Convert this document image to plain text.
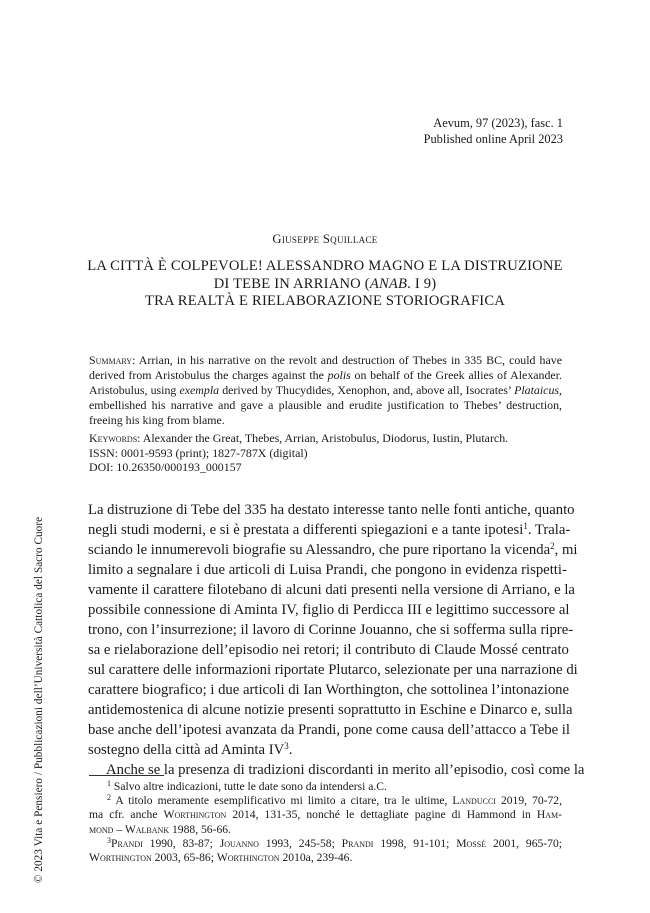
Aevum, 97 (2023), fasc. 1
Published online April 2023
Giuseppe Squillace
LA CITTÀ È COLPEVOLE! ALESSANDRO MAGNO E LA DISTRUZIONE
DI TEBE IN ARRIANO (ANAB. I 9)
TRA REALTÀ E RIELABORAZIONE STORIOGRAFICA

Summary: Arrian, in his narrative on the revolt and destruction of Thebes in 335 BC, could have derived from Aristobulus the charges against the polis on behalf of the Greek allies of Alexander. Aristobulus, using exempla derived by Thucydides, Xenophon, and, above all, Isocrates’ Plataicus, embellished his narrative and gave a plausible and erudite justification to Thebes’ destruction, freeing his king from blame.

Keywords: Alexander the Great, Thebes, Arrian, Aristobulus, Diodorus, Iustin, Plutarch.
ISSN: 0001-9593 (print); 1827-787X (digital)
DOI: 10.26350/000193_000157
La distruzione di Tebe del 335 ha destato interesse tanto nelle fonti antiche, quanto
negli studi moderni, e si è prestata a differenti spiegazioni e a tante ipotesi$^1$. Trala-
sciando le innumerevoli biografie su Alessandro, che pure riportano la vicenda$^2$, mi
limito a segnalare i due articoli di Luisa Prandi, che pongono in evidenza rispetti-
vamente il carattere filotebano di alcuni dati presenti nella versione di Arriano, e la
possibile connessione di Aminta IV, figlio di Perdicca III e legittimo successore al
trono, con l’insurrezione; il lavoro di Corinne Jouanno, che si sofferma sulla ripre-
sa e rielaborazione dell’episodio nei retori; il contributo di Claude Mossé centrato
sul carattere delle informazioni riportate Plutarco, selezionate per una narrazione di
carattere biografico; i due articoli di Ian Worthington, che sottolinea l’intonazione
antidemostenica di alcune notizie presenti soprattutto in Eschine e Dinarco e, sulla
base anche dell’ipotesi avanzata da Prandi, pone come causa dell’attacco a Tebe il
sostegno della città ad Aminta $IV^3$.
Anche se la presenza di tradizioni discordanti in merito all’episodio, così come la
$^1$ Salvo altre indicazioni, tutte le date sono da intendersi a.C.
$^2$ A titolo meramente esemplificativo mi limito a citare, tra le ultime, Landucci 2019, 70-72,
ma cfr. anche Worthington 2014, 131-35, nonché le dettagliate pagine di Hammond in Ham-
mond – Walbank 1988, 56-66.
$^3$Prandi 1990, 83-87; Jouanno 1993, 245-58; Prandi 1998, 91-101; Mossé 2001, 965-70;
Worthington 2003, 65-86; Worthington 2010a, 239-46.
© 2023 Vita e Pensiero / Pubblicazioni dell’Università Cattolica del Sacro Cuore
